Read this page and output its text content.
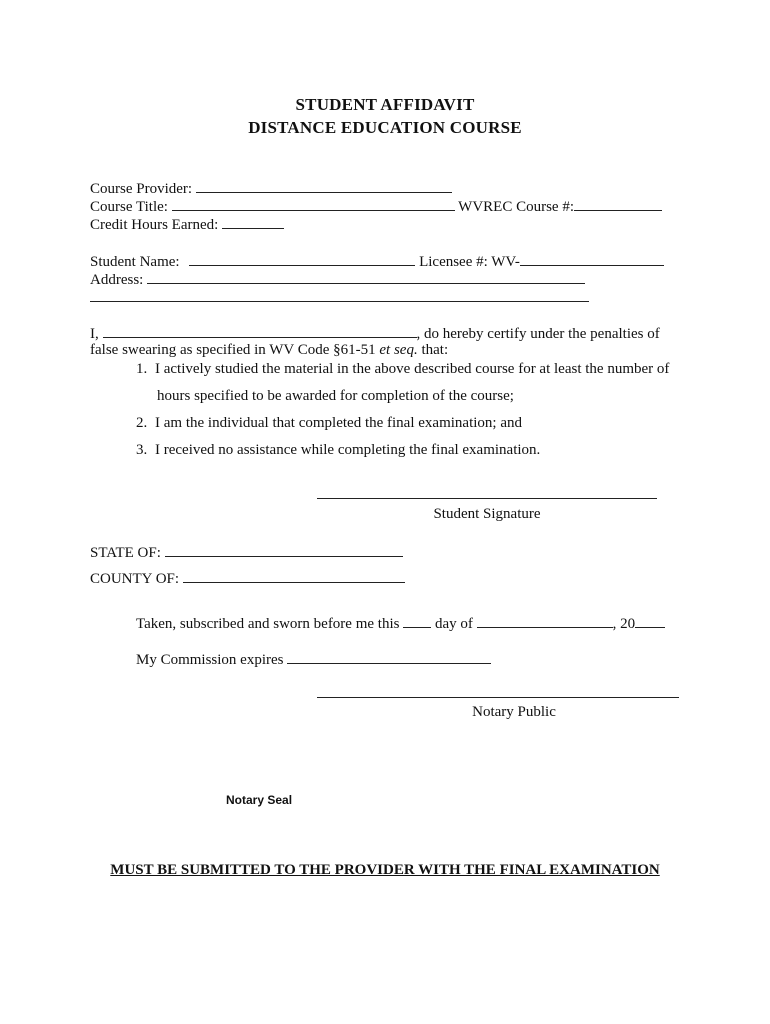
STUDENT AFFIDAVIT
DISTANCE EDUCATION COURSE
Course Provider:
Course Title:	WVREC Course #:
Credit Hours Earned:
Student Name:	Licensee #: WV-
Address:
I,	, do hereby certify under the penalties of
false swearing as specified in WV Code §61-51 et seq. that:
1. I actively studied the material in the above described course for at least the number of
hours specified to be awarded for completion of the course;
2. I am the individual that completed the final examination; and
3. I received no assistance while completing the final examination.
Student Signature
STATE OF:
COUNTY OF:
Taken, subscribed and sworn before me this day of	, 20
My Commission expires
Notary Public
Notary Seal
MUST BE SUBMITTED TO THE PROVIDER WITH THE FINAL EXAMINATION
